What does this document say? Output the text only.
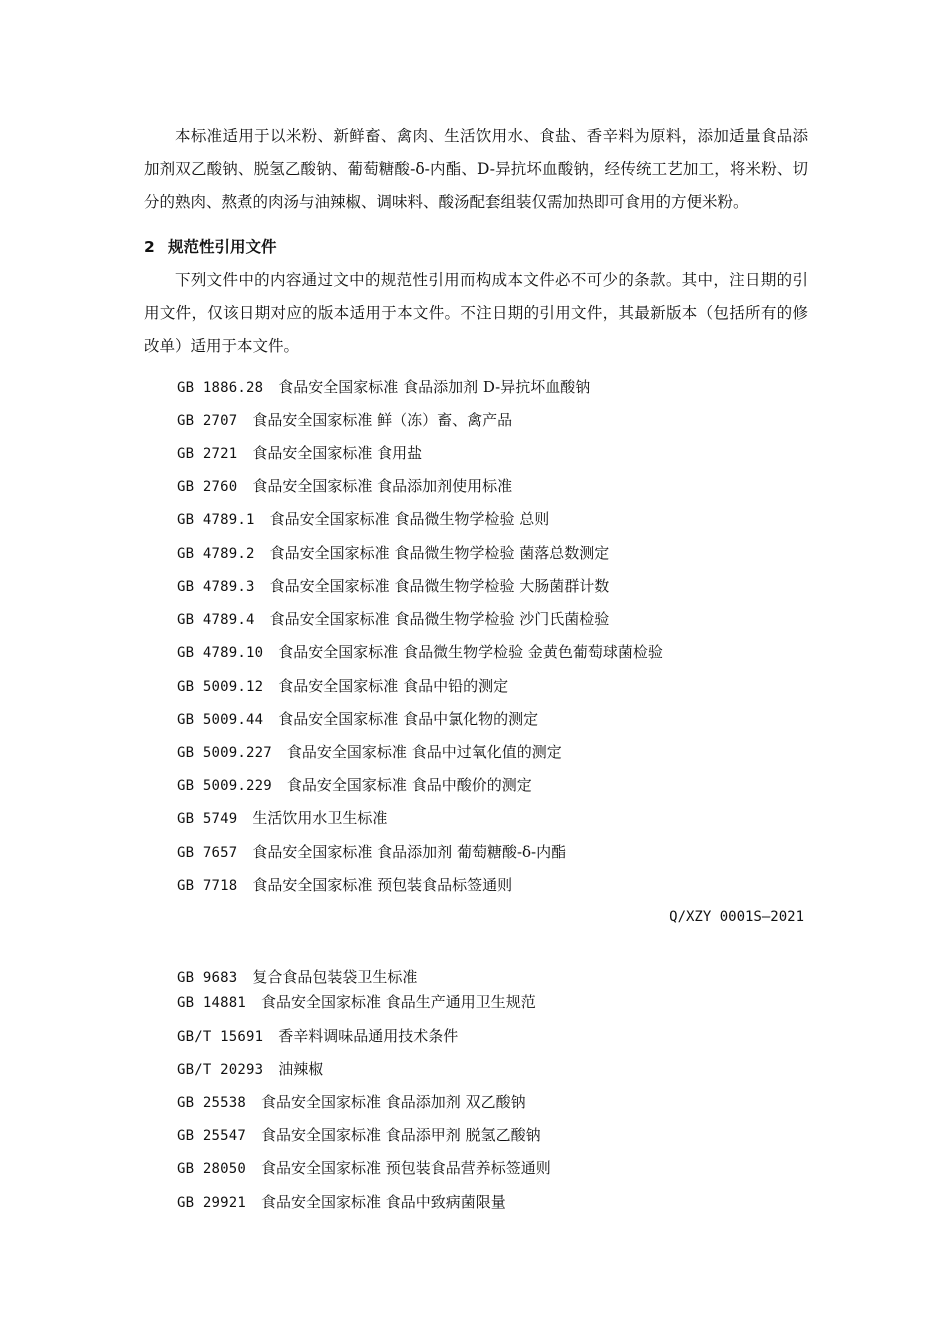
本标准适用于以米粉、新鲜畜、禽肉、生活饮用水、食盐、香辛料为原料，添加适量食品添加剂双乙酸钠、脱氢乙酸钠、葡萄糖酸-δ-内酯、D-异抗坏血酸钠，经传统工艺加工，将米粉、切分的熟肉、熬煮的肉汤与油辣椒、调味料、酸汤配套组装仅需加热即可食用的方便米粉。

2 规范性引用文件

下列文件中的内容通过文中的规范性引用而构成本文件必不可少的条款。其中，注日期的引用文件，仅该日期对应的版本适用于本文件。不注日期的引用文件，其最新版本（包括所有的修改单）适用于本文件。

GB 1886.28 食品安全国家标准 食品添加剂 D-异抗坏血酸钠
GB 2707 食品安全国家标准 鲜（冻）畜、禽产品
GB 2721 食品安全国家标准 食用盐
GB 2760 食品安全国家标准 食品添加剂使用标准
GB 4789.1 食品安全国家标准 食品微生物学检验 总则
GB 4789.2 食品安全国家标准 食品微生物学检验 菌落总数测定
GB 4789.3 食品安全国家标准 食品微生物学检验 大肠菌群计数
GB 4789.4 食品安全国家标准 食品微生物学检验 沙门氏菌检验
GB 4789.10 食品安全国家标准 食品微生物学检验 金黄色葡萄球菌检验
GB 5009.12 食品安全国家标准 食品中铅的测定
GB 5009.44 食品安全国家标准 食品中氯化物的测定
GB 5009.227 食品安全国家标准 食品中过氧化值的测定
GB 5009.229 食品安全国家标准 食品中酸价的测定
GB 5749 生活饮用水卫生标准
GB 7657 食品安全国家标准 食品添加剂 葡萄糖酸-δ-内酯
GB 7718 食品安全国家标准 预包装食品标签通则
Q/XZY 0001S—2021
GB 9683 复合食品包装袋卫生标准
GB 14881 食品安全国家标准 食品生产通用卫生规范
GB/T 15691 香辛料调味品通用技术条件
GB/T 20293 油辣椒
GB 25538 食品安全国家标准 食品添加剂 双乙酸钠
GB 25547 食品安全国家标准 食品添甲剂 脱氢乙酸钠
GB 28050 食品安全国家标准 预包装食品营养标签通则
GB 29921 食品安全国家标准 食品中致病菌限量
